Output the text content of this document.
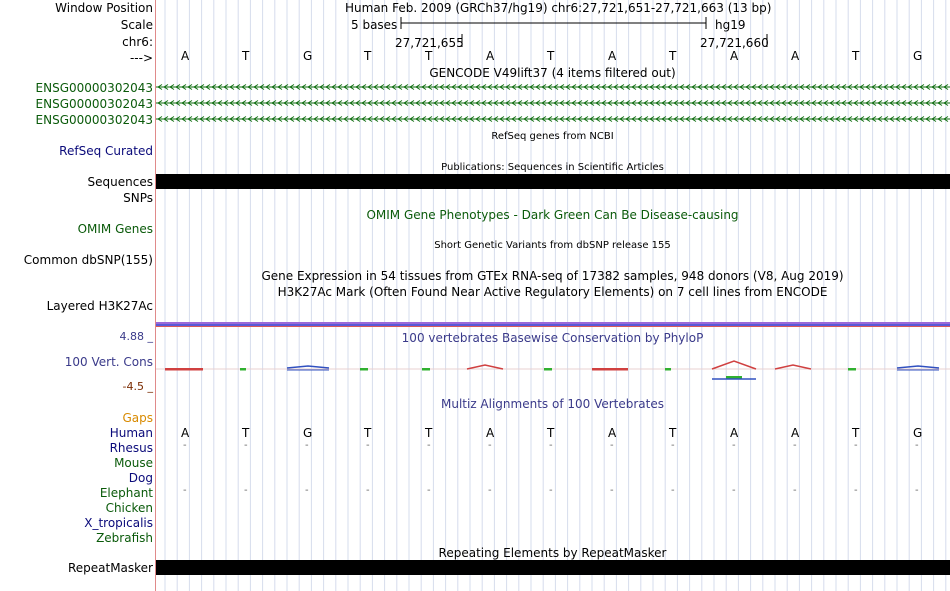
Window Position	Human Feb. 2009 (GRCh37/hg19) chr6:27,721,651-27,721,663 (13 bp)
Scale	5 bases	hg19
chr6:	27,721,655	27,721,660
---> A	T	G	T	T	A	T	A	T	A	A	T	G
GENCODE V49lift37 (4 items filtered out)
ENSG00000302043
ENSG00000302043
ENSG00000302043
RefSeq genes from NCBI
RefSeq Curated
Publications: Sequences in Scientific Articles
Sequences
SNPs
OMIM Gene Phenotypes - Dark Green Can Be Disease-causing
OMIM Genes
Short Genetic Variants from dbSNP release 155
Common dbSNP(155)
Gene Expression in 54 tissues from GTEx RNA-seq of 17382 samples, 948 donors (V8, Aug 2019)
H3K27Ac Mark (Often Found Near Active Regulatory Elements) on 7 cell lines from ENCODE
Layered H3K27Ac
100 vertebrates Basewise Conservation by PhyloP
4.88 _
100 Vert. Cons
-4.5 _
Multiz Alignments of 100 Vertebrates
Gaps
Human A	T	G	T	T	A	T	A	T	A	A	T	G
Rhesus	-	-	-	-	-	-	-	-	-	-	-	-	-
Mouse
Dog
Elephant	-	-	-	-	-	-	-	-	-	-	-	-	-
Chicken
X_tropicalis
Zebrafish
Repeating Elements by RepeatMasker
RepeatMasker
